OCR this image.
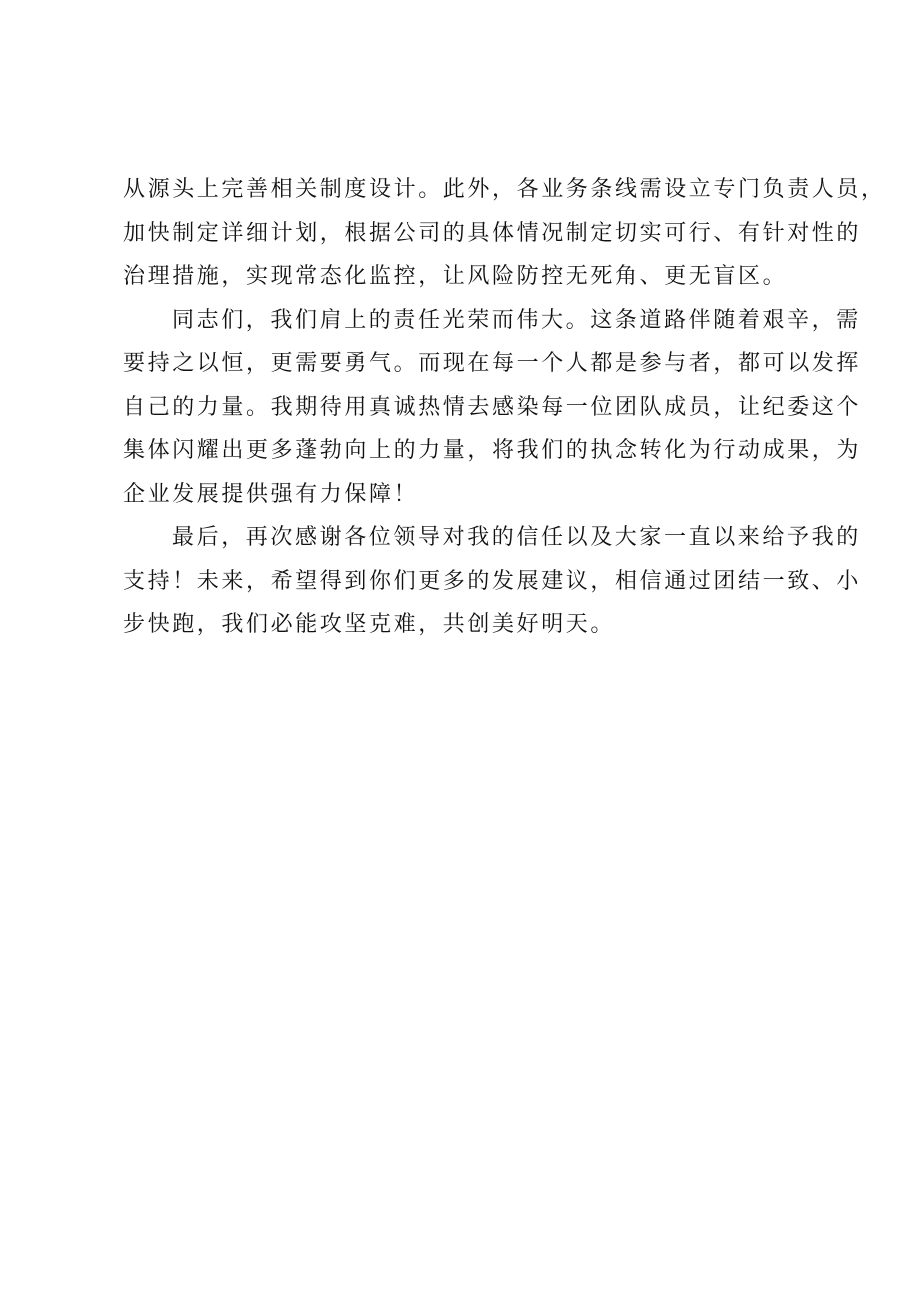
从源头上完善相关制度设计。此外，各业务条线需设立专门负责人员，
加快制定详细计划，根据公司的具体情况制定切实可行、有针对性的
治理措施，实现常态化监控，让风险防控无死角、更无盲区。
同志们，我们肩上的责任光荣而伟大。这条道路伴随着艰辛，需
要持之以恒，更需要勇气。而现在每一个人都是参与者，都可以发挥
自己的力量。我期待用真诚热情去感染每一位团队成员，让纪委这个
集体闪耀出更多蓬勃向上的力量，将我们的执念转化为行动成果，为
企业发展提供强有力保障！
最后，再次感谢各位领导对我的信任以及大家一直以来给予我的
支持！未来，希望得到你们更多的发展建议，相信通过团结一致、小
步快跑，我们必能攻坚克难，共创美好明天。
